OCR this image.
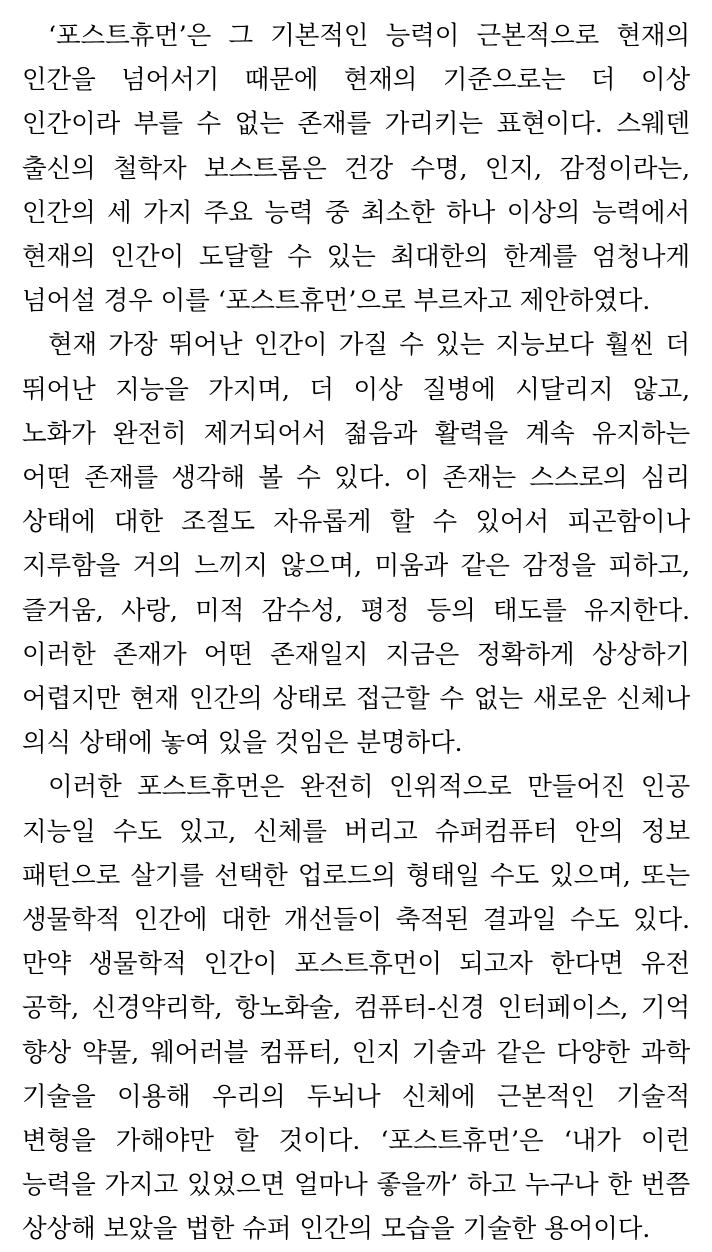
‘포스트휴먼’은 그 기본적인 능력이 근본적으로 현재의 인간을 넘어서기 때문에 현재의 기준으로는 더 이상 인간이라 부를 수 없는 존재를 가리키는 표현이다. 스웨덴 출신의 철학자 보스트롬은 건강 수명, 인지, 감정이라는, 인간의 세 가지 주요 능력 중 최소한 하나 이상의 능력에서 현재의 인간이 도달할 수 있는 최대한의 한계를 엄청나게 넘어설 경우 이를 ‘포스트휴먼’으로 부르자고 제안하였다.

현재 가장 뛰어난 인간이 가질 수 있는 지능보다 훨씬 더 뛰어난 지능을 가지며, 더 이상 질병에 시달리지 않고, 노화가 완전히 제거되어서 젊음과 활력을 계속 유지하는 어떤 존재를 생각해 볼 수 있다. 이 존재는 스스로의 심리 상태에 대한 조절도 자유롭게 할 수 있어서 피곤함이나 지루함을 거의 느끼지 않으며, 미움과 같은 감정을 피하고, 즐거움, 사랑, 미적 감수성, 평정 등의 태도를 유지한다. 이러한 존재가 어떤 존재일지 지금은 정확하게 상상하기 어렵지만 현재 인간의 상태로 접근할 수 없는 새로운 신체나 의식 상태에 놓여 있을 것임은 분명하다.

이러한 포스트휴먼은 완전히 인위적으로 만들어진 인공 지능일 수도 있고, 신체를 버리고 슈퍼컴퓨터 안의 정보 패턴으로 살기를 선택한 업로드의 형태일 수도 있으며, 또는 생물학적 인간에 대한 개선들이 축적된 결과일 수도 있다. 만약 생물학적 인간이 포스트휴먼이 되고자 한다면 유전 공학, 신경약리학, 항노화술, 컴퓨터-신경 인터페이스, 기억 향상 약물, 웨어러블 컴퓨터, 인지 기술과 같은 다양한 과학 기술을 이용해 우리의 두뇌나 신체에 근본적인 기술적 변형을 가해야만 할 것이다. ‘포스트휴먼’은 ‘내가 이런 능력을 가지고 있었으면 얼마나 좋을까’ 하고 누구나 한 번쯤 상상해 보았을 법한 슈퍼 인간의 모습을 기술한 용어이다.
